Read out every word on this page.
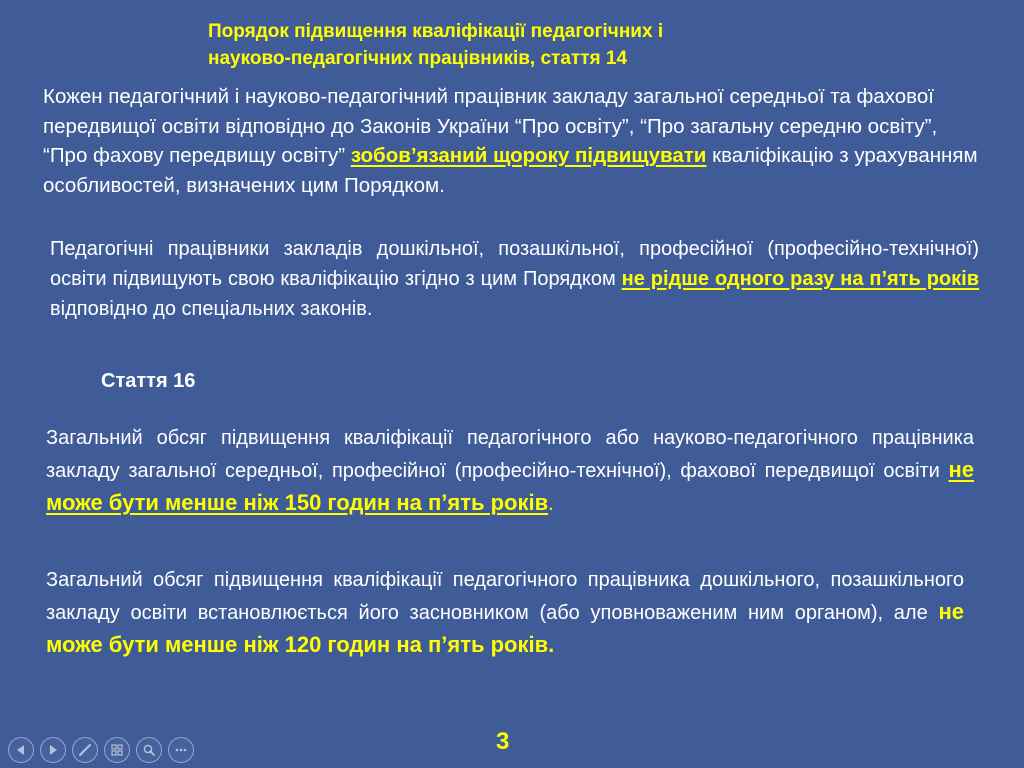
Порядок підвищення кваліфікації педагогічних і
науково-педагогічних працівників, стаття 14
Кожен педагогічний і науково-педагогічний працівник закладу загальної середньої та фахової передвищої освіти відповідно до Законів України “Про освіту”, “Про загальну середню освіту”, “Про фахову передвищу освіту” зобов’язаний щороку підвищувати кваліфікацію з урахуванням особливостей, визначених цим Порядком.
Педагогічні працівники закладів дошкільної, позашкільної, професійної (професійно-технічної) освіти підвищують свою кваліфікацію згідно з цим Порядком не рідше одного разу на п’ять років відповідно до спеціальних законів.
Стаття 16
Загальний обсяг підвищення кваліфікації педагогічного або науково-педагогічного працівника закладу загальної середньої, професійної (професійно-технічної), фахової передвищої освіти не може бути менше ніж 150 годин на п’ять років.
Загальний обсяг підвищення кваліфікації педагогічного працівника дошкільного, позашкільного закладу освіти встановлюється його засновником (або уповноваженим ним органом), але не може бути менше ніж 120 годин на п’ять років.
3
